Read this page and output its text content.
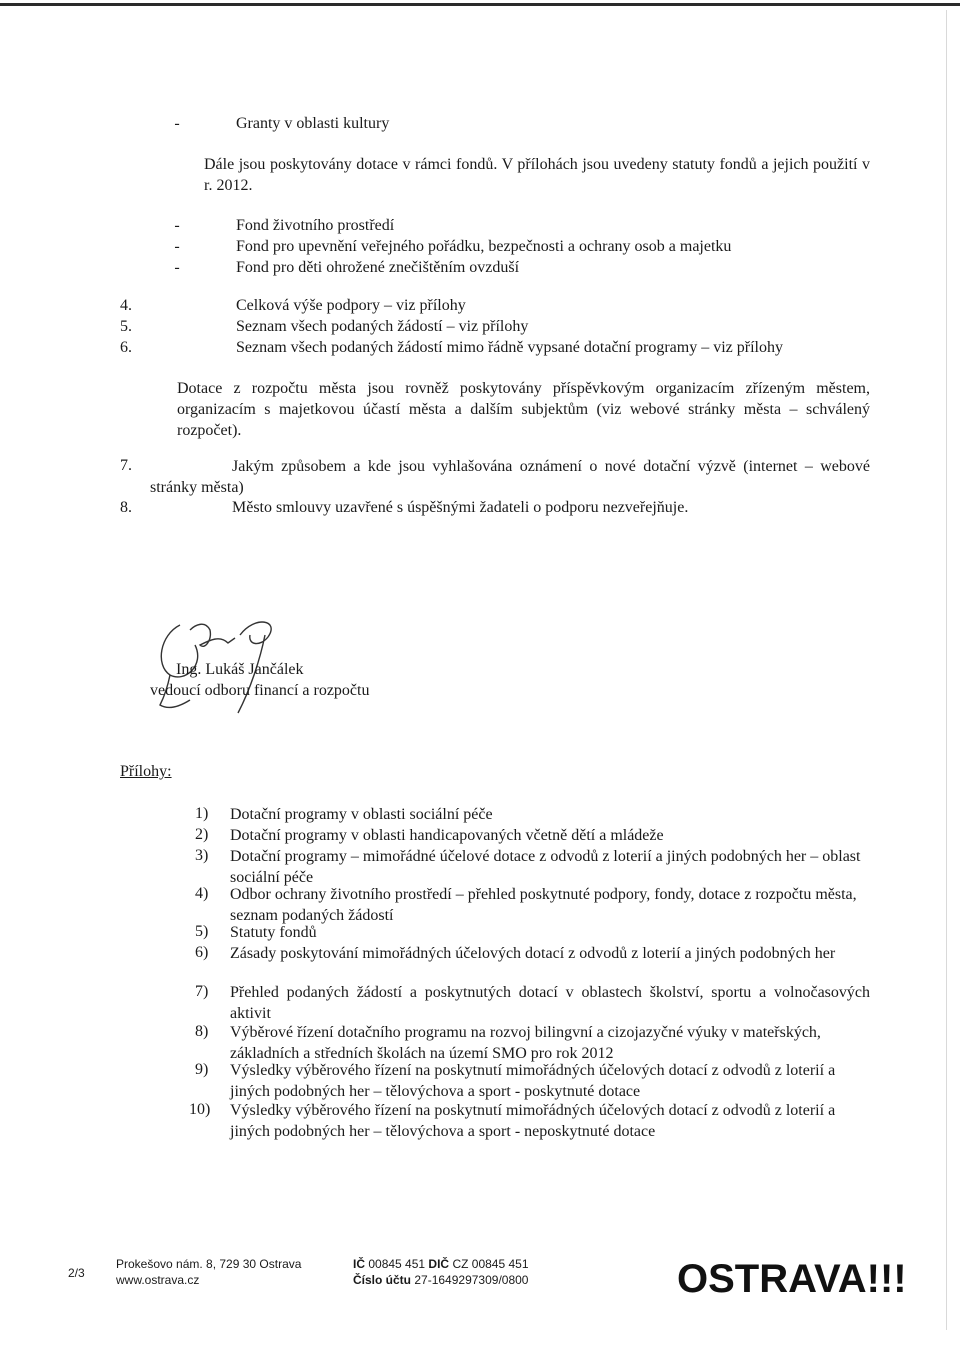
-	Granty v oblasti kultury
Dále jsou poskytovány dotace v rámci fondů. V přílohách jsou uvedeny statuty fondů a jejich použití v r. 2012.
-	Fond životního prostředí
-	Fond pro upevnění veřejného pořádku, bezpečnosti a ochrany osob a majetku
-	Fond pro děti ohrožené znečištěním ovzduší
4.	Celková výše podpory – viz přílohy
5.	Seznam všech podaných žádostí – viz přílohy
6.	Seznam všech podaných žádostí mimo řádně vypsané dotační programy – viz přílohy
Dotace z rozpočtu města jsou rovněž poskytovány příspěvkovým organizacím zřízeným městem, organizacím s majetkovou účastí města a dalším subjektům (viz webové stránky města – schválený rozpočet).
7.	Jakým způsobem a kde jsou vyhlašována oznámení o nové dotační výzvě (internet – webové stránky města)
8.	Město smlouvy uzavřené s úspěšnými žadateli o podporu nezveřejňuje.
Ing. Lukáš Jančálek
vedoucí odboru financí a rozpočtu
Přílohy:
1)	Dotační programy v oblasti sociální péče
2)	Dotační programy v oblasti handicapovaných včetně dětí a mládeže
3)	Dotační programy – mimořádné účelové dotace z odvodů z loterií a jiných podobných her – oblast sociální péče
4)	Odbor ochrany životního prostředí – přehled poskytnuté podpory, fondy, dotace z rozpočtu města, seznam podaných žádostí
5)	Statuty fondů
6)	Zásady poskytování mimořádných účelových dotací z odvodů z loterií a jiných podobných her
7)	Přehled podaných žádostí a poskytnutých dotací v oblastech školství, sportu a volnočasových aktivit
8)	Výběrové řízení dotačního programu na rozvoj bilingvní a cizojazyčné výuky v mateřských, základních a středních školách na území SMO pro rok 2012
9)	Výsledky výběrového řízení na poskytnutí mimořádných účelových dotací z odvodů z loterií a jiných podobných her – tělovýchova a sport - poskytnuté dotace
10)	Výsledky výběrového řízení na poskytnutí mimořádných účelových dotací z odvodů z loterií a jiných podobných her – tělovýchova a sport - neposkytnuté dotace
2/3
Prokešovo nám. 8, 729 30 Ostrava
www.ostrava.cz
IČ 00845 451 DIČ CZ 00845 451
Číslo účtu 27-1649297309/0800	OSTRAVA!!!
